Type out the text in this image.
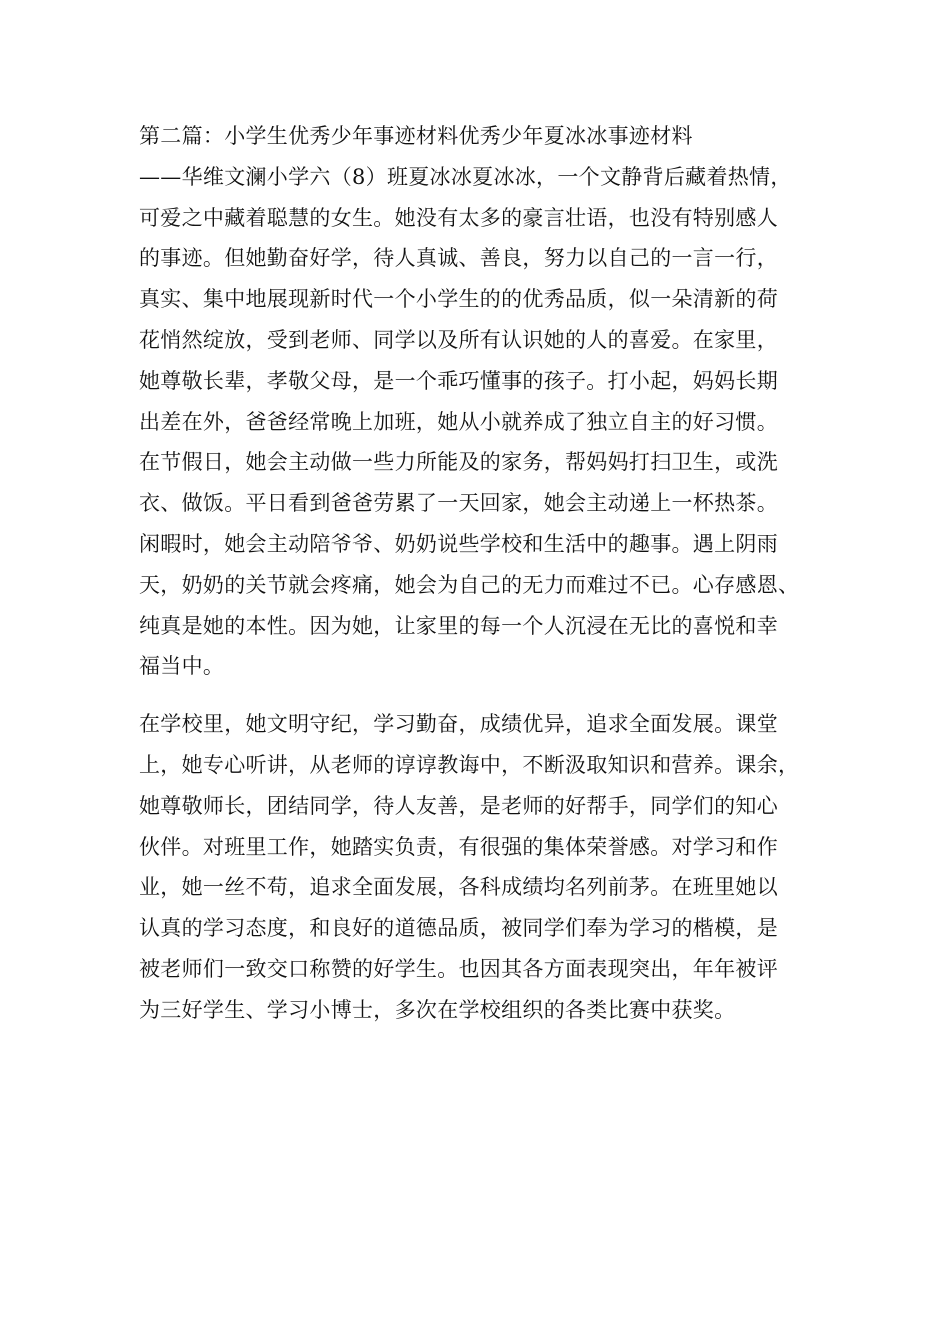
第二篇：小学生优秀少年事迹材料优秀少年夏冰冰事迹材料
——华维文澜小学六（8）班夏冰冰夏冰冰，一个文静背后藏着热情，
可爱之中藏着聪慧的女生。她没有太多的豪言壮语，也没有特别感人
的事迹。但她勤奋好学，待人真诚、善良，努力以自己的一言一行，
真实、集中地展现新时代一个小学生的的优秀品质，似一朵清新的荷
花悄然绽放，受到老师、同学以及所有认识她的人的喜爱。在家里，
她尊敬长辈，孝敬父母，是一个乖巧懂事的孩子。打小起，妈妈长期
出差在外，爸爸经常晚上加班，她从小就养成了独立自主的好习惯。
在节假日，她会主动做一些力所能及的家务，帮妈妈打扫卫生，或洗
衣、做饭。平日看到爸爸劳累了一天回家，她会主动递上一杯热茶。
闲暇时，她会主动陪爷爷、奶奶说些学校和生活中的趣事。遇上阴雨
天，奶奶的关节就会疼痛，她会为自己的无力而难过不已。心存感恩、
纯真是她的本性。因为她，让家里的每一个人沉浸在无比的喜悦和幸
福当中。
在学校里，她文明守纪，学习勤奋，成绩优异，追求全面发展。课堂
上，她专心听讲，从老师的谆谆教诲中，不断汲取知识和营养。课余，
她尊敬师长，团结同学，待人友善，是老师的好帮手，同学们的知心
伙伴。对班里工作，她踏实负责，有很强的集体荣誉感。对学习和作
业，她一丝不苟，追求全面发展，各科成绩均名列前茅。在班里她以
认真的学习态度，和良好的道德品质，被同学们奉为学习的楷模，是
被老师们一致交口称赞的好学生。也因其各方面表现突出，年年被评
为三好学生、学习小博士，多次在学校组织的各类比赛中获奖。
